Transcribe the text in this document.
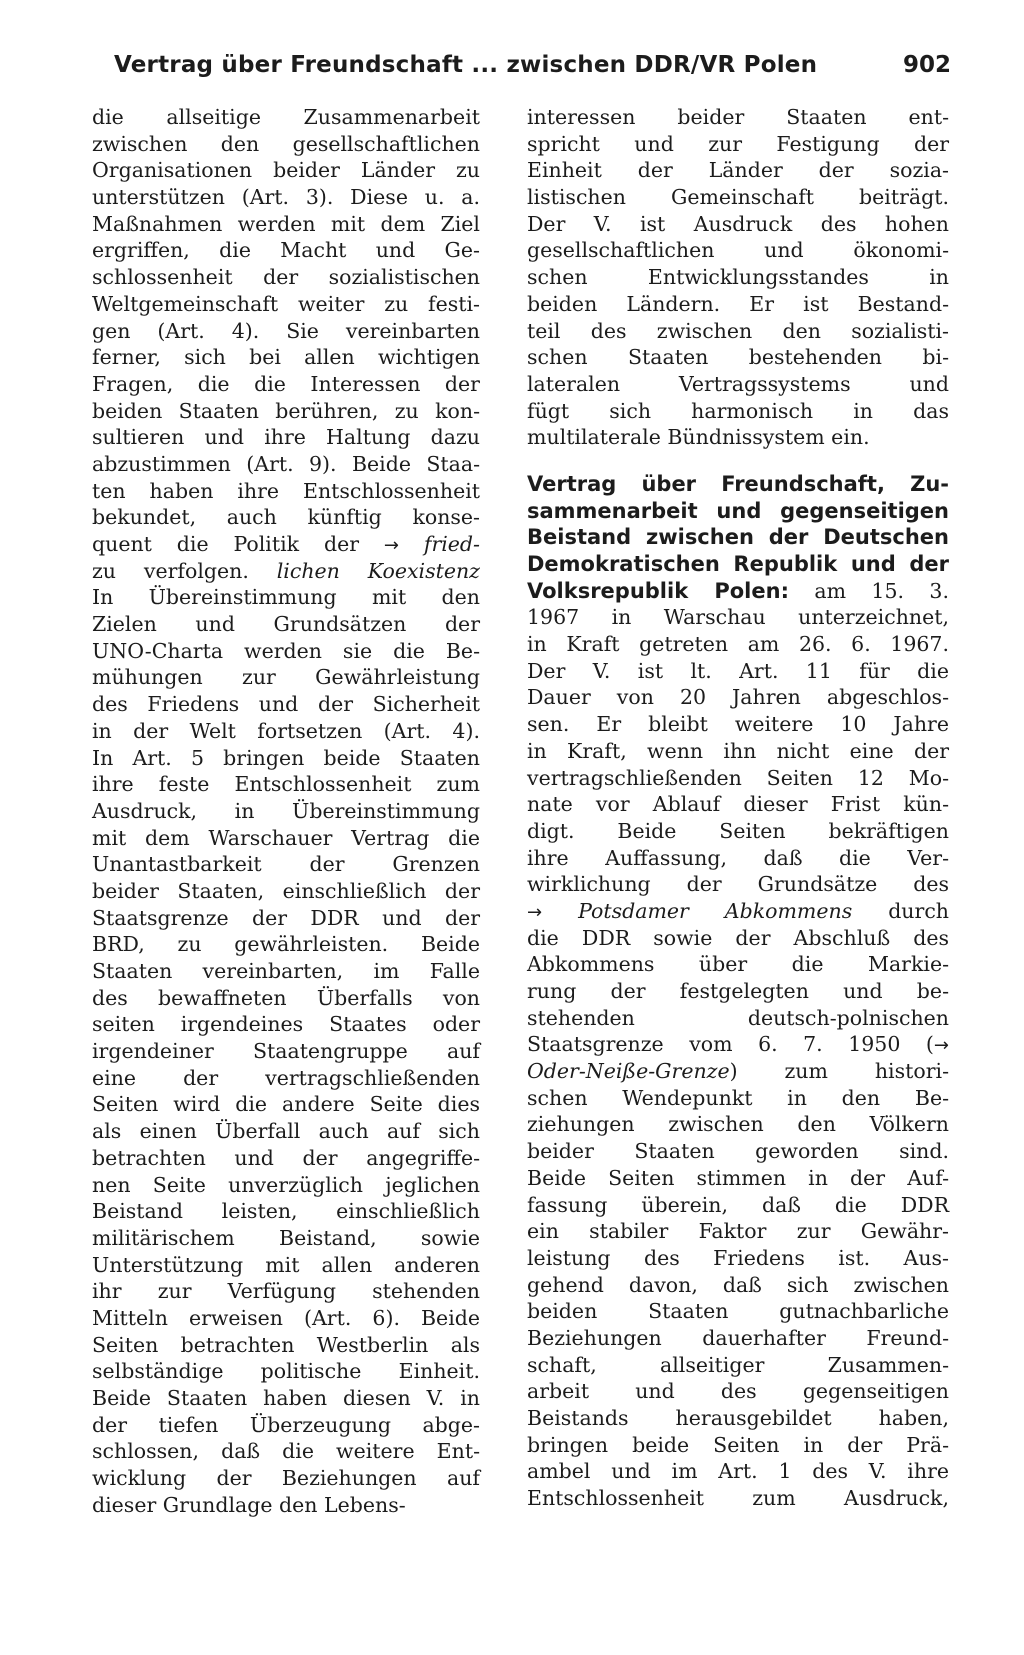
Vertrag über Freundschaft ... zwischen DDR/VR Polen	902
die allseitige Zusammenarbeit
zwischen den gesellschaftlichen
Organisationen beider Länder zu
unterstützen (Art. 3). Diese u. a.
Maßnahmen werden mit dem Ziel
ergriffen, die Macht und Ge-
schlossenheit der sozialistischen
Weltgemeinschaft weiter zu festi-
gen (Art. 4). Sie vereinbarten
ferner, sich bei allen wichtigen
Fragen, die die Interessen der
beiden Staaten berühren, zu kon-
sultieren und ihre Haltung dazu
abzustimmen (Art. 9). Beide Staa-
ten haben ihre Entschlossenheit
bekundet, auch künftig konse-
quent die Politik der → fried-
zu verfolgen. lichen Koexistenz
In Übereinstimmung mit den
Zielen und Grundsätzen der
UNO-Charta werden sie die Be-
mühungen zur Gewährleistung
des Friedens und der Sicherheit
in der Welt fortsetzen (Art. 4).
In Art. 5 bringen beide Staaten
ihre feste Entschlossenheit zum
Ausdruck, in Übereinstimmung
mit dem Warschauer Vertrag die
Unantastbarkeit der Grenzen
beider Staaten, einschließlich der
Staatsgrenze der DDR und der
BRD, zu gewährleisten. Beide
Staaten vereinbarten, im Falle
des bewaffneten Überfalls von
seiten irgendeines Staates oder
irgendeiner Staatengruppe auf
eine der vertragschließenden
Seiten wird die andere Seite dies
als einen Überfall auch auf sich
betrachten und der angegriffe-
nen Seite unverzüglich jeglichen
Beistand leisten, einschließlich
militärischem Beistand, sowie
Unterstützung mit allen anderen
ihr zur Verfügung stehenden
Mitteln erweisen (Art. 6). Beide
Seiten betrachten Westberlin als
selbständige politische Einheit.
Beide Staaten haben diesen V. in
der tiefen Überzeugung abge-
schlossen, daß die weitere Ent-
wicklung der Beziehungen auf
dieser Grundlage den Lebens-
interessen beider Staaten ent-
spricht und zur Festigung der
Einheit der Länder der sozia-
listischen Gemeinschaft beiträgt.
Der V. ist Ausdruck des hohen
gesellschaftlichen und ökonomi-
schen Entwicklungsstandes in
beiden Ländern. Er ist Bestand-
teil des zwischen den sozialisti-
schen Staaten bestehenden bi-
lateralen Vertragssystems und
fügt sich harmonisch in das
multilaterale Bündnissystem ein.
Vertrag über Freundschaft, Zu-
sammenarbeit und gegenseitigen
Beistand zwischen der Deutschen
Demokratischen Republik und der
Volksrepublik Polen: am 15. 3.
1967 in Warschau unterzeichnet,
in Kraft getreten am 26. 6. 1967.
Der V. ist lt. Art. 11 für die
Dauer von 20 Jahren abgeschlos-
sen. Er bleibt weitere 10 Jahre
in Kraft, wenn ihn nicht eine der
vertragschließenden Seiten 12 Mo-
nate vor Ablauf dieser Frist kün-
digt. Beide Seiten bekräftigen
ihre Auffassung, daß die Ver-
wirklichung der Grundsätze des
→ Potsdamer Abkommens durch
die DDR sowie der Abschluß des
Abkommens über die Markie-
rung der festgelegten und be-
stehenden deutsch-polnischen
Staatsgrenze vom 6. 7. 1950 (→
Oder-Neiße-Grenze) zum histori-
schen Wendepunkt in den Be-
ziehungen zwischen den Völkern
beider Staaten geworden sind.
Beide Seiten stimmen in der Auf-
fassung überein, daß die DDR
ein stabiler Faktor zur Gewähr-
leistung des Friedens ist. Aus-
gehend davon, daß sich zwischen
beiden Staaten gutnachbarliche
Beziehungen dauerhafter Freund-
schaft, allseitiger Zusammen-
arbeit und des gegenseitigen
Beistands herausgebildet haben,
bringen beide Seiten in der Prä-
ambel und im Art. 1 des V. ihre
Entschlossenheit zum Ausdruck,
